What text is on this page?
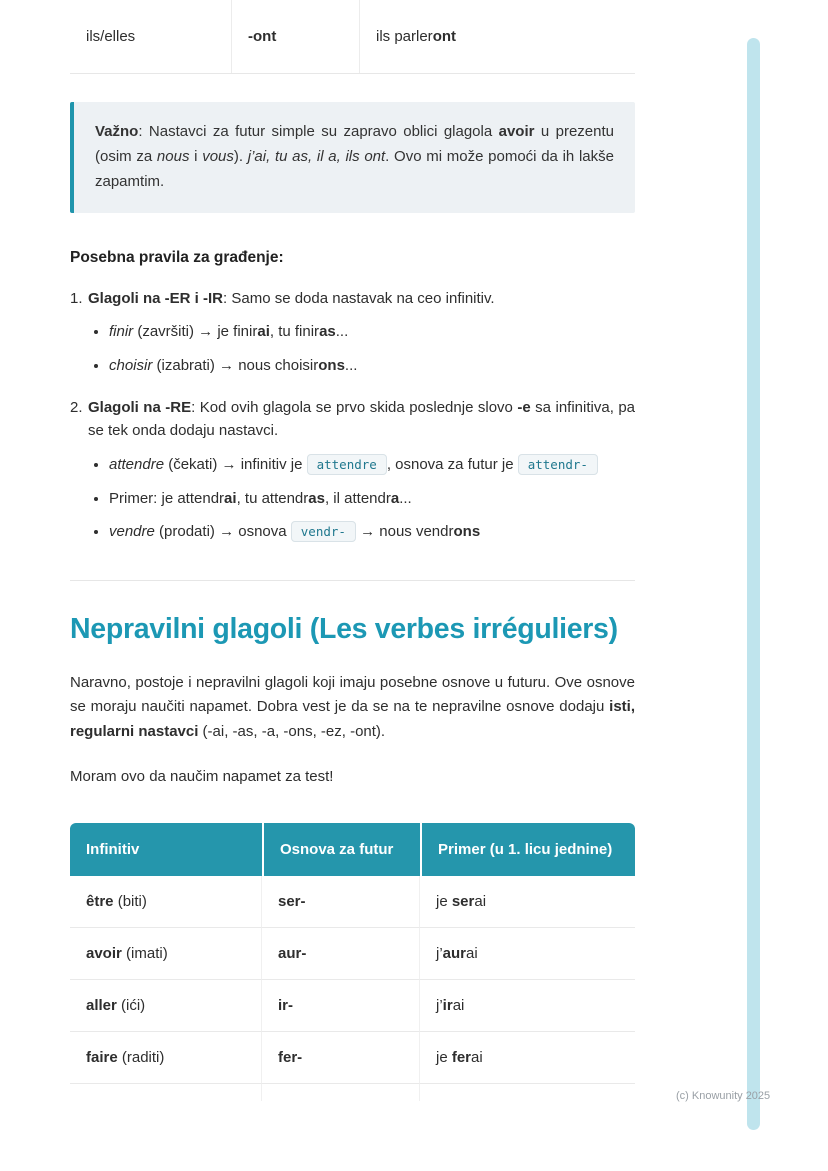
(c) Knowunity 2025
ils/elles	-ont	ils parleront
Važno: Nastavci za futur simple su zapravo oblici glagola avoir u prezentu (osim za nous i vous). j’ai, tu as, il a, ils ont. Ovo mi može pomoći da ih lakše zapamtim.

Posebna pravila za građenje:

1. Glagoli na -ER i -IR: Samo se doda nastavak na ceo infinitiv.

• finir (završiti) → je finirai, tu finiras...
• choisir (izabrati) → nous choisirons...
2. Glagoli na -RE: Kod ovih glagola se prvo skida poslednje slovo -e sa infinitiva, pa se tek onda dodaju nastavci.

• attendre (čekati) → infinitiv je attendre , osnova za futur je attendr-
• Primer: je attendrai, tu attendras, il attendra...
• vendre (prodati) → osnova vendr- → nous vendrons
Nepravilni glagoli (Les verbes irréguliers)

Naravno, postoje i nepravilni glagoli koji imaju posebne osnove u futuru. Ove osnove se moraju naučiti napamet. Dobra vest je da se na te nepravilne osnove dodaju isti, regularni nastavci (-ai, -as, -a, -ons, -ez, -ont).

Moram ovo da naučim napamet za test!

Infinitiv	Osnova za futur	Primer (u 1. licu jednine)
être (biti)	ser-	je serai
avoir (imati)	aur-	j’aurai
aller (ići)	ir-	j’irai
faire (raditi)	fer-	je ferai
